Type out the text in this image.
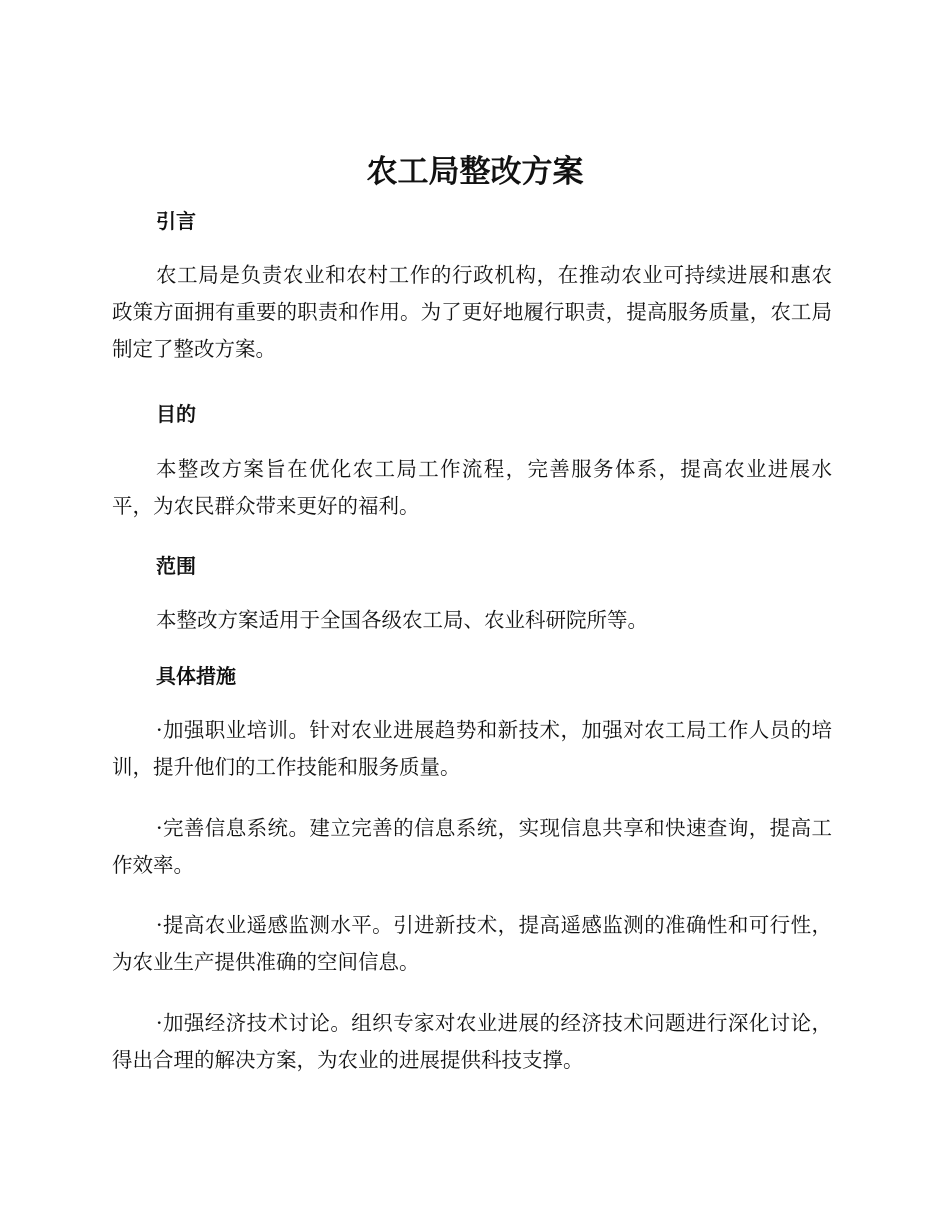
农工局整改方案
引言

农工局是负责农业和农村工作的行政机构，在推动农业可持续进展和惠农政策方面拥有重要的职责和作用。为了更好地履行职责，提高服务质量，农工局制定了整改方案。

目的

本整改方案旨在优化农工局工作流程，完善服务体系，提高农业进展水平，为农民群众带来更好的福利。

范围

本整改方案适用于全国各级农工局、农业科研院所等。

具体措施

·加强职业培训。针对农业进展趋势和新技术，加强对农工局工作人员的培训，提升他们的工作技能和服务质量。

·完善信息系统。建立完善的信息系统，实现信息共享和快速查询，提高工作效率。

·提高农业遥感监测水平。引进新技术，提高遥感监测的准确性和可行性，为农业生产提供准确的空间信息。

·加强经济技术讨论。组织专家对农业进展的经济技术问题进行深化讨论，得出合理的解决方案，为农业的进展提供科技支撑。
